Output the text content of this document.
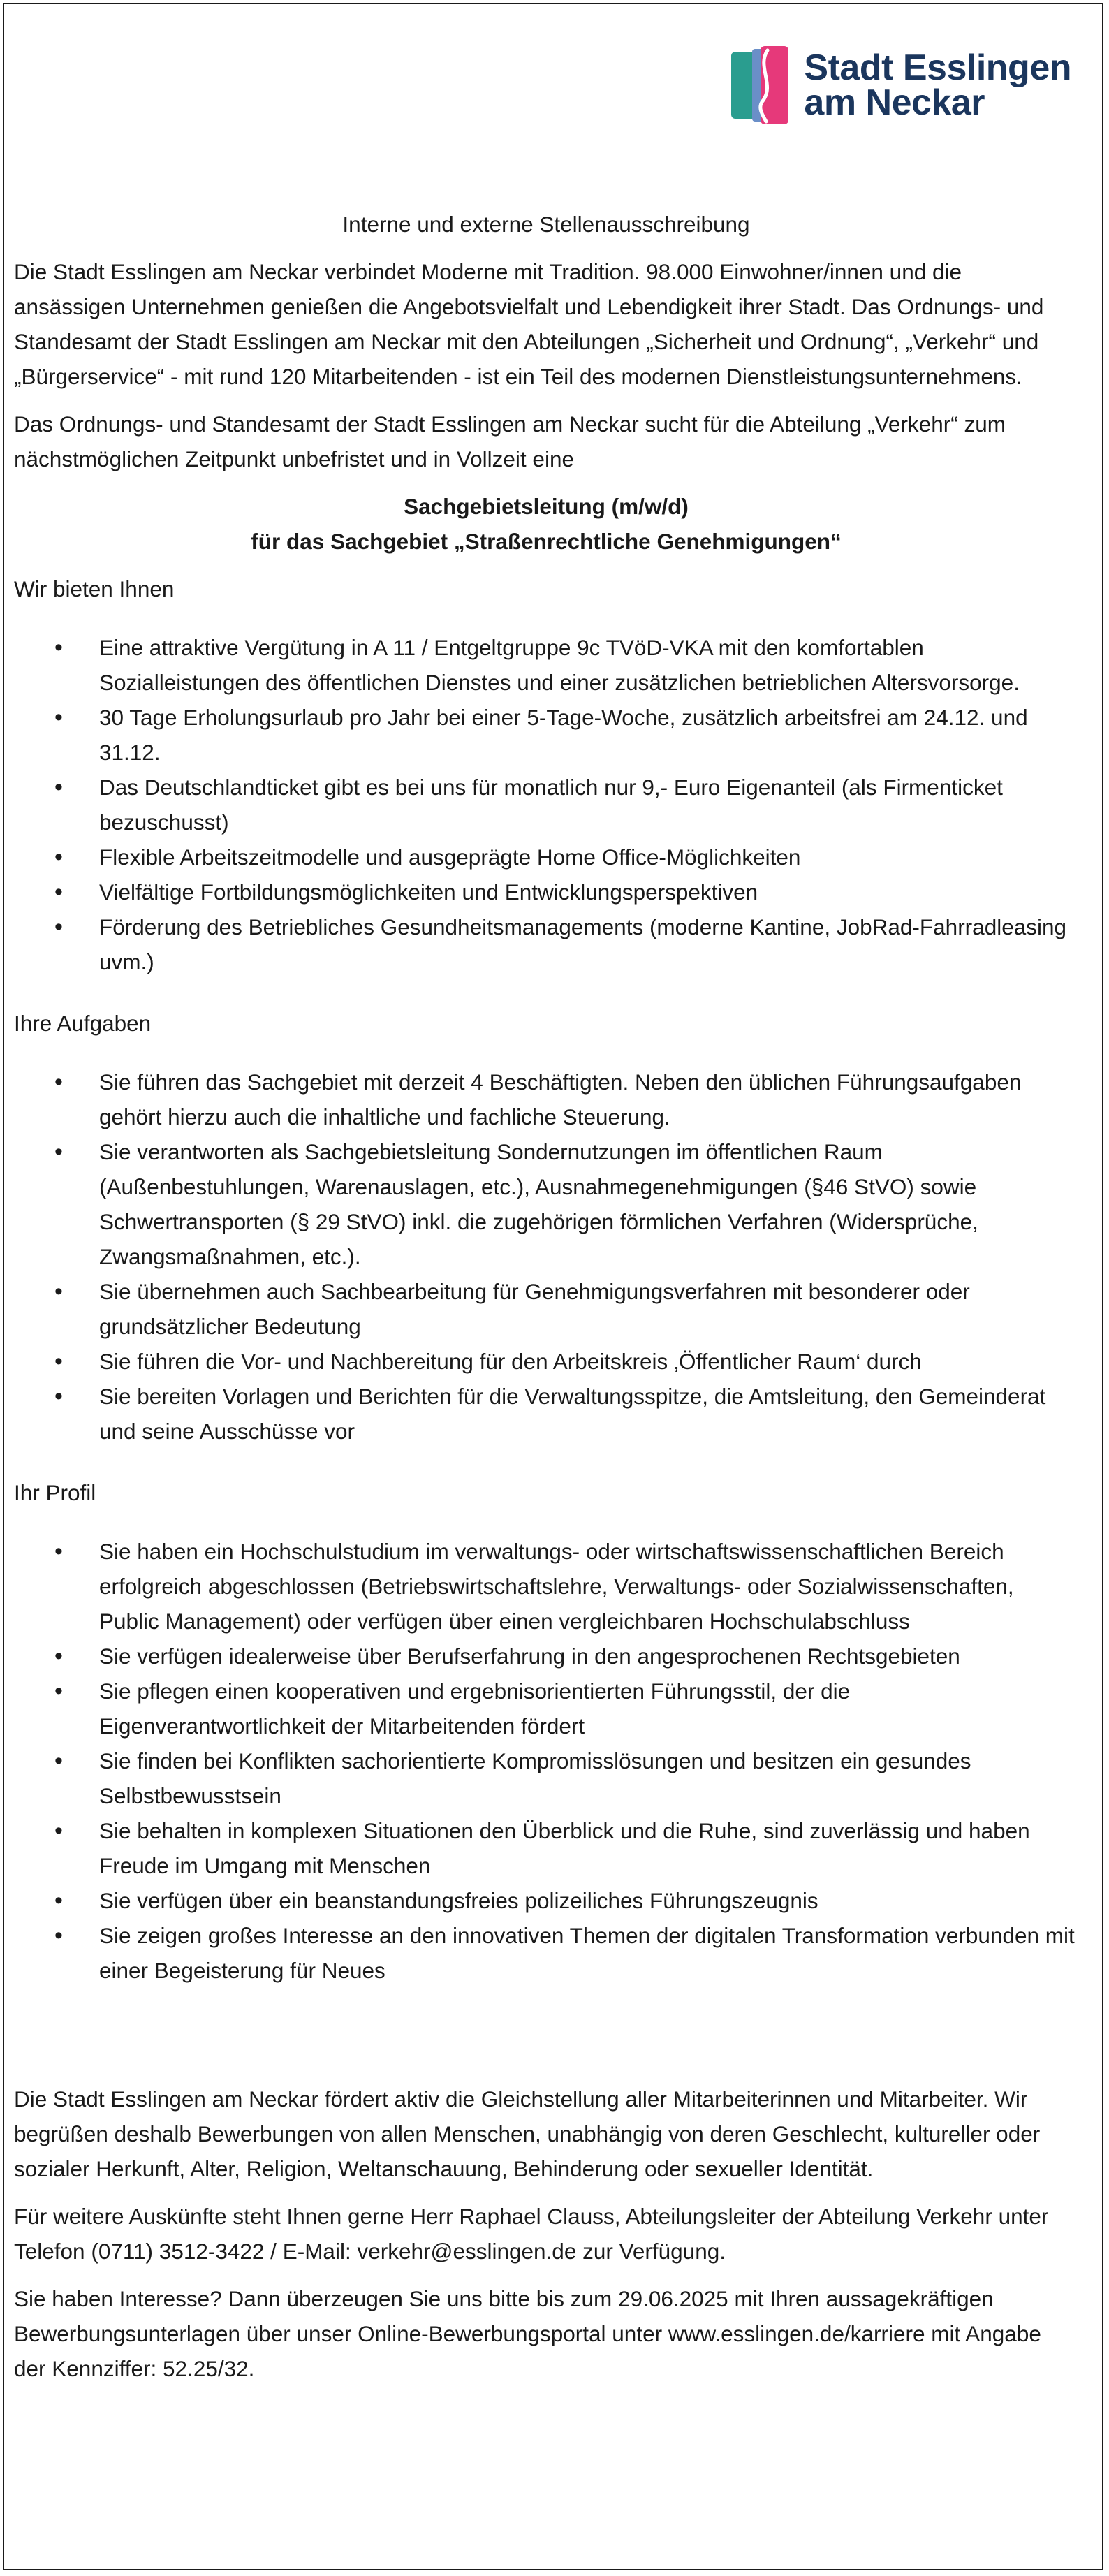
Stadt Esslingen
am Neckar

Interne und externe Stellenausschreibung

Die Stadt Esslingen am Neckar verbindet Moderne mit Tradition. 98.000 Einwohner/innen und die ansässigen Unternehmen genießen die Angebotsvielfalt und Lebendigkeit ihrer Stadt. Das Ordnungs- und Standesamt der Stadt Esslingen am Neckar mit den Abteilungen „Sicherheit und Ordnung“, „Verkehr“ und „Bürgerservice“ - mit rund 120 Mitarbeitenden - ist ein Teil des modernen Dienstleistungsunternehmens.

Das Ordnungs- und Standesamt der Stadt Esslingen am Neckar sucht für die Abteilung „Verkehr“ zum nächstmöglichen Zeitpunkt unbefristet und in Vollzeit eine

Sachgebietsleitung (m/w/d)
für das Sachgebiet „Straßenrechtliche Genehmigungen“

Wir bieten Ihnen

• Eine attraktive Vergütung in A 11 / Entgeltgruppe 9c TVöD-VKA mit den komfortablen Sozialleistungen des öffentlichen Dienstes und einer zusätzlichen betrieblichen Altersvorsorge.
• 30 Tage Erholungsurlaub pro Jahr bei einer 5-Tage-Woche, zusätzlich arbeitsfrei am 24.12. und 31.12.
• Das Deutschlandticket gibt es bei uns für monatlich nur 9,- Euro Eigenanteil (als Firmenticket bezuschusst)
• Flexible Arbeitszeitmodelle und ausgeprägte Home Office-Möglichkeiten
• Vielfältige Fortbildungsmöglichkeiten und Entwicklungsperspektiven
• Förderung des Betriebliches Gesundheitsmanagements (moderne Kantine, JobRad-Fahrradleasing uvm.)

Ihre Aufgaben

• Sie führen das Sachgebiet mit derzeit 4 Beschäftigten. Neben den üblichen Führungsaufgaben gehört hierzu auch die inhaltliche und fachliche Steuerung.
• Sie verantworten als Sachgebietsleitung Sondernutzungen im öffentlichen Raum (Außenbestuhlungen, Warenauslagen, etc.), Ausnahmegenehmigungen (§46 StVO) sowie Schwertransporten (§ 29 StVO) inkl. die zugehörigen förmlichen Verfahren (Widersprüche, Zwangsmaßnahmen, etc.).
• Sie übernehmen auch Sachbearbeitung für Genehmigungsverfahren mit besonderer oder grundsätzlicher Bedeutung
• Sie führen die Vor- und Nachbereitung für den Arbeitskreis ‚Öffentlicher Raum‘ durch
• Sie bereiten Vorlagen und Berichten für die Verwaltungsspitze, die Amtsleitung, den Gemeinderat und seine Ausschüsse vor

Ihr Profil

• Sie haben ein Hochschulstudium im verwaltungs- oder wirtschaftswissenschaftlichen Bereich erfolgreich abgeschlossen (Betriebswirtschaftslehre, Verwaltungs- oder Sozialwissenschaften, Public Management) oder verfügen über einen vergleichbaren Hochschulabschluss
• Sie verfügen idealerweise über Berufserfahrung in den angesprochenen Rechtsgebieten
• Sie pflegen einen kooperativen und ergebnisorientierten Führungsstil, der die Eigenverantwortlichkeit der Mitarbeitenden fördert
• Sie finden bei Konflikten sachorientierte Kompromisslösungen und besitzen ein gesundes Selbstbewusstsein
• Sie behalten in komplexen Situationen den Überblick und die Ruhe, sind zuverlässig und haben Freude im Umgang mit Menschen
• Sie verfügen über ein beanstandungsfreies polizeiliches Führungszeugnis
• Sie zeigen großes Interesse an den innovativen Themen der digitalen Transformation verbunden mit einer Begeisterung für Neues

Die Stadt Esslingen am Neckar fördert aktiv die Gleichstellung aller Mitarbeiterinnen und Mitarbeiter. Wir begrüßen deshalb Bewerbungen von allen Menschen, unabhängig von deren Geschlecht, kultureller oder sozialer Herkunft, Alter, Religion, Weltanschauung, Behinderung oder sexueller Identität.

Für weitere Auskünfte steht Ihnen gerne Herr Raphael Clauss, Abteilungsleiter der Abteilung Verkehr unter Telefon (0711) 3512-3422 / E-Mail: verkehr@esslingen.de zur Verfügung.

Sie haben Interesse? Dann überzeugen Sie uns bitte bis zum 29.06.2025 mit Ihren aussagekräftigen Bewerbungsunterlagen über unser Online-Bewerbungsportal unter www.esslingen.de/karriere mit Angabe der Kennziffer: 52.25/32.
